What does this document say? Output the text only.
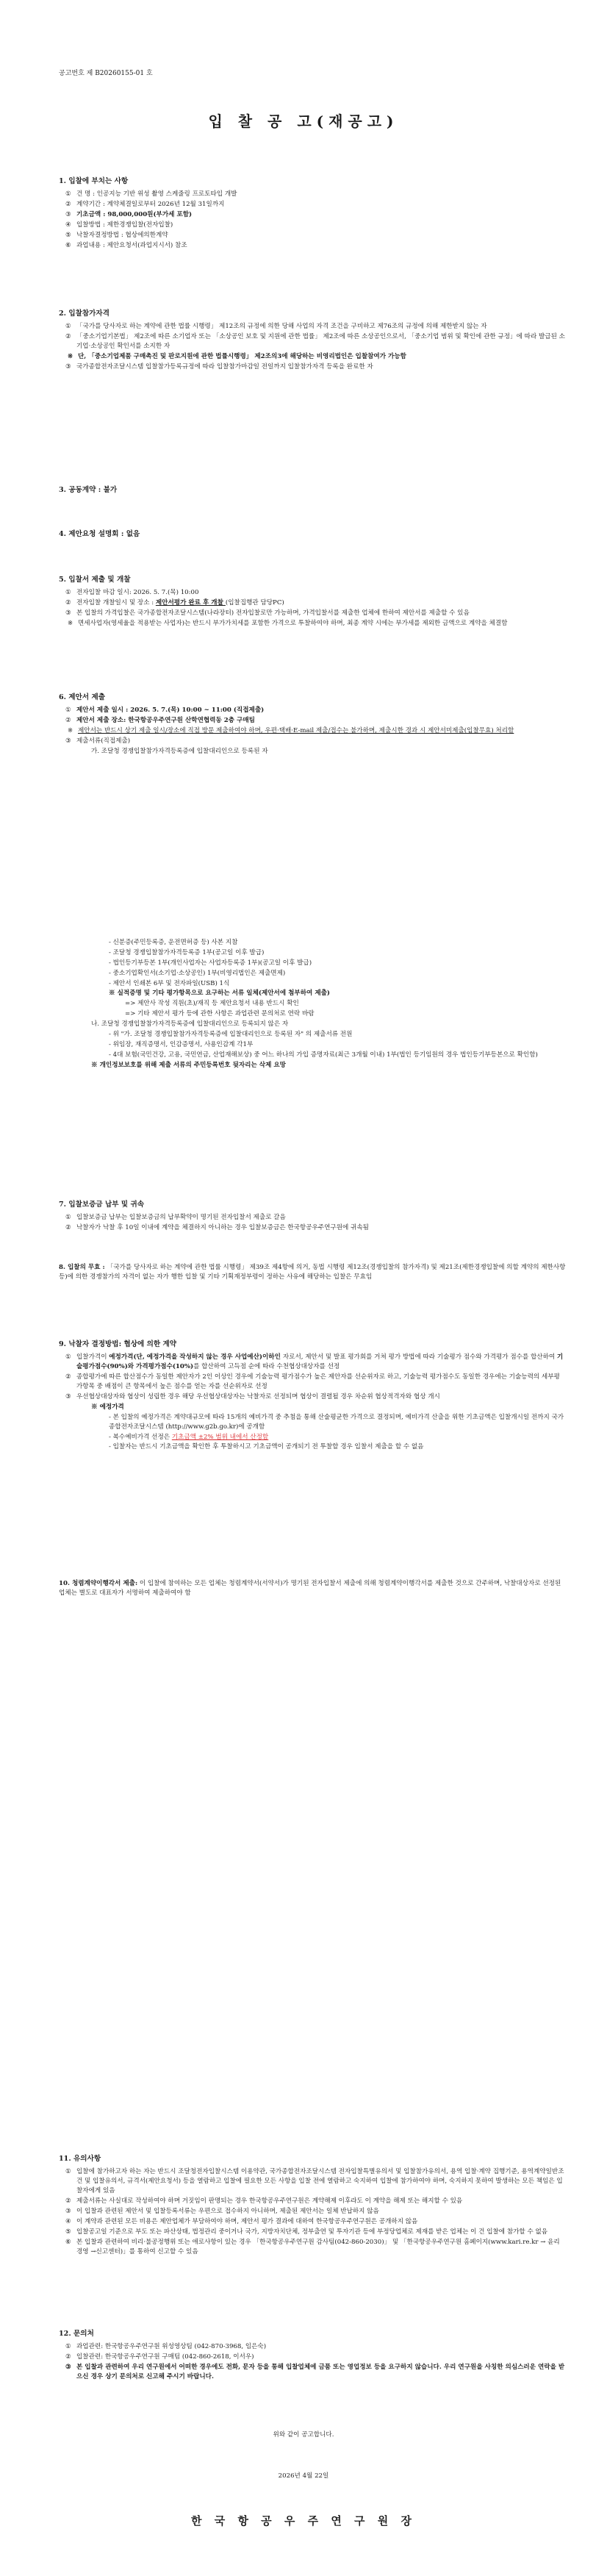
공고번호 제 B20260155-01 호
입 찰 공 고(재공고)
1. 입찰에 부치는 사항
① 건 명 : 인공지능 기반 위성 촬영 스케줄링 프로토타입 개발
② 계약기간 : 계약체결일로부터 2026년 12월 31일까지
③ 기초금액 : 98,000,000원(부가세 포함)
④ 입찰방법 : 제한경쟁입찰(전자입찰)
⑤ 낙찰자결정방법 : 협상에의한계약
⑥ 과업내용 : 제안요청서(과업지시서) 참조
2. 입찰참가자격
① 「국가를 당사자로 하는 계약에 관한 법률 시행령」 제12조의 규정에 의한 당해 사업의 자격 조건을 구비하고 제76조의 규정에 의해 제한받지 않는 자
② 「중소기업기본법」 제2조에 따른 소기업자 또는 「소상공인 보호 및 지원에 관한 법률」 제2조에 따른 소상공인으로서, 「중소기업 범위 및 확인에 관한 규정」에 따라 발급된 소기업·소상공인 확인서를 소지한 자
※ 단, 「중소기업제품 구매촉진 및 판로지원에 관한 법률시행령」 제2조의3에 해당하는 비영리법인은 입찰참여가 가능함
③ 국가종합전자조달시스템 입찰참가등록규정에 따라 입찰참가마감일 전일까지 입찰참가자격 등록을 완료한 자
3. 공동계약 : 불가
4. 제안요청 설명회 : 없음
5. 입찰서 제출 및 개찰
① 전자입찰 마감 일시: 2026. 5. 7.(목) 10:00
② 전자입찰 개찰일시 및 장소 : 제안서평가 완료 후 개찰 (입찰집행관 담당PC)
③ 본 입찰의 가격입찰은 국가종합전자조달시스템(나라장터) 전자입찰로만 가능하며, 가격입찰서를 제출한 업체에 한하여 제안서를 제출할 수 있음
※ 면세사업자(영세율을 적용받는 사업자)는 반드시 부가가치세를 포함한 가격으로 투찰하여야 하며, 최종 계약 시에는 부가세를 제외한 금액으로 계약을 체결함
6. 제안서 제출
① 제안서 제출 일시 : 2026. 5. 7.(목) 10:00 ~ 11:00 (직접제출)
② 제안서 제출 장소: 한국항공우주연구원 산학연협력동 2층 구매팀
※ 제안서는 반드시 상기 제출 일시/장소에 직접 방문 제출하여야 하며, 우편·택배·E-mail 제출/접수는 불가하며, 제출시한 경과 시 제안서미제출(입찰무효) 처리함
③ 제출서류(직접제출)
가. 조달청 경쟁입찰참가자격등록증에 입찰대리인으로 등록된 자
- 신분증(주민등록증, 운전면허증 등) 사본 지참
- 조달청 경쟁입찰참가자격등록증 1부(공고일 이후 발급)
- 법인등기부등본 1부(개인사업자는 사업자등록증 1부)(공고일 이후 발급)
- 중소기업확인서(소기업·소상공인) 1부(비영리법인은 제출면제)
- 제안서 인쇄본 6부 및 전자파일(USB) 1식
※ 실적증명 및 기타 평가항목으로 요구하는 서류 일체(제안서에 첨부하여 제출)
=> 제안사 작성 직원(초)/재직 등 제안요청서 내용 반드시 확인
=> 기타 제안서 평가 등에 관한 사항은 과업관련 문의처로 연락 바람
나. 조달청 경쟁입찰참가자격등록증에 입찰대리인으로 등록되지 않은 자
- 위 "가. 조달청 경쟁입찰참가자격등록증에 입찰대리인으로 등록된 자" 의 제출서류 전원
- 위임장, 재직증명서, 인감증명서, 사용인감계 각1부
- 4대 보험(국민건강, 고용, 국민연금, 산업재해보상) 중 어느 하나의 가입 증명자료(최근 3개월 이내) 1부(법인 등기임원의 경우 법인등기부등본으로 확인함)
※ 개인정보보호를 위해 제출 서류의 주민등록번호 뒷자리는 삭제 요망
7. 입찰보증금 납부 및 귀속
① 입찰보증금 납부는 입찰보증금의 납부확약이 명기된 전자입찰서 제출로 갈음
② 낙찰자가 낙찰 후 10일 이내에 계약을 체결하지 아니하는 경우 입찰보증금은 한국항공우주연구원에 귀속됨
8. 입찰의 무효 : 「국가를 당사자로 하는 계약에 관한 법률 시행령」 제39조 제4항에 의거, 동법 시행령 제12조(경쟁입찰의 참가자격) 및 제21조(제한경쟁입찰에 의할 계약의 제한사항 등)에 의한 경쟁참가의 자격이 없는 자가 행한 입찰 및 기타 기획재정부령이 정하는 사유에 해당하는 입찰은 무효임
9. 낙찰자 결정방법: 협상에 의한 계약
① 입찰가격이 예정가격(단, 예정가격을 작성하지 않는 경우 사업예산)이하인 자로서, 제안서 및 발표 평가회를 거쳐 평가 방법에 따라 기술평가 점수와 가격평가 점수를 합산하여 기술평가점수(90%)와 가격평가점수(10%)를 합산하여 고득점 순에 따라 수천협상대상자를 선정
② 종합평가에 따른 합산점수가 동일한 제안자가 2인 이상인 경우에 기술능력 평가점수가 높은 제안자를 선순위자로 하고, 기술능력 평가점수도 동일한 경우에는 기술능력의 세부평가항목 중 배점이 큰 항목에서 높은 점수를 얻는 자를 선순위자로 선정
③ 우선협상대상자와 협상이 성립한 경우 해당 우선협상대상자는 낙찰자로 선정되며 협상이 결렬될 경우 차순위 협상적격자와 협상 개시
※ 예정가격
- 본 입찰의 예정가격은 계약대규모에 따라 15개의 예비가격 중 추첨을 통해 산술평균한 가격으로 결정되며, 예비가격 산출을 위한 기초금액은 입찰개시일 전까지 국가종합전자조달시스템 (http://www.g2b.go.kr)에 공개함
- 복수예비가격 선정은 기초금액 ±2% 범위 내에서 산정함
- 입찰자는 반드시 기초금액을 확인한 후 투찰하시고 기초금액이 공개되기 전 투찰할 경우 입찰서 제출을 할 수 없음
10. 청렴계약이행각서 제출: 이 입찰에 참여하는 모든 업체는 청렴계약서(서약서)가 명기된 전자입찰서 제출에 의해 청렴계약이행각서를 제출한 것으로 간주하며, 낙찰대상자로 선정된 업체는 별도로 대표자가 서명하여 제출하여야 함
11. 유의사항
① 입찰에 참가하고자 하는 자는 반드시 조달청전자입찰시스템 이용약관, 국가종합전자조달시스템 전자입찰특별유의서 및 입찰참가유의서, 용역 입찰·계약 집행기준, 용역계약일반조건 및 입찰유의서, 규격서(제안요청서) 등을 열람하고 입찰에 필요한 모든 사항을 입찰 전에 열람하고 숙지하여 입찰에 참가하여야 하며, 숙지하지 못하여 발생하는 모든 책임은 입찰자에게 있음
② 제출서류는 사실대로 작성하여야 하며 거짓임이 판명되는 경우 한국항공우주연구원은 계약해제 이후라도 이 계약을 해제 또는 해지할 수 있음
③ 이 입찰과 관련된 제안서 및 입찰등록서류는 우편으로 접수하지 아니하며, 제출된 제안서는 일체 반납하지 않음
④ 이 계약과 관련된 모든 비용은 제안업체가 부담하여야 하며, 제안서 평가 결과에 대하여 한국항공우주연구원은 공개하지 않음
⑤ 입찰공고일 기준으로 부도 또는 파산상태, 법정관리 중이거나 국가, 지방자치단체, 정부출연 및 투자기관 등에 부정당업체로 제재를 받은 업체는 이 건 입찰에 참가할 수 없음
⑥ 본 입찰과 관련하여 비리·불공정행위 또는 애로사항이 있는 경우 「한국항공우주연구원 감사팀(042-860-2030)」 및 「한국항공우주연구원 홈페이지(www.kari.re.kr → 윤리경영 →신고센터)」를 통하여 신고할 수 있음
12. 문의처
① 과업관련: 한국항공우주연구원 위성영상팀 (042-870-3968, 임은숙)
② 입찰관련: 한국항공우주연구원 구매팀 (042-860-2618, 이서우)
③ 본 입찰과 관련하여 우리 연구원에서 어떠한 경우에도 전화, 문자 등을 통해 입찰업체에 금품 또는 영업정보 등을 요구하지 않습니다. 우리 연구원을 사칭한 의심스러운 연락을 받으신 경우 상기 문의처로 신고해 주시기 바랍니다.
위와 같이 공고합니다.
2026년 4월 22일
한 국 항 공 우 주 연 구 원 장
